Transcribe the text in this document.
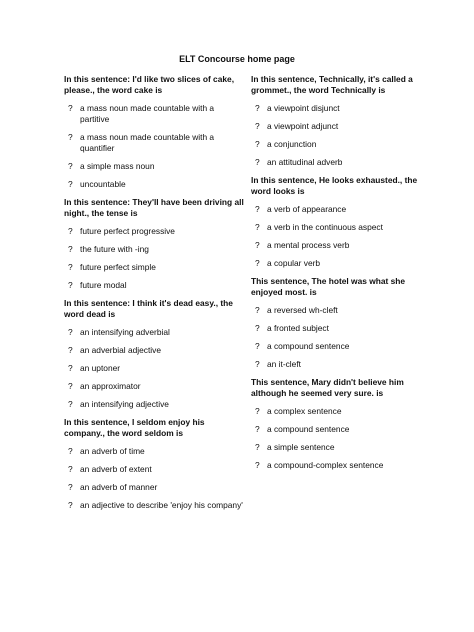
ELT Concourse home page
In this sentence: I'd like two slices of cake, please., the word cake is
? a mass noun made countable with a partitive
? a mass noun made countable with a quantifier
? a simple mass noun
? uncountable
In this sentence: They'll have been driving all night., the tense is
? future perfect progressive
? the future with -ing
? future perfect simple
? future modal
In this sentence: I think it's dead easy., the word dead is
? an intensifying adverbial
? an adverbial adjective
? an uptoner
? an approximator
? an intensifying adjective
In this sentence, I seldom enjoy his company., the word seldom is
? an adverb of time
? an adverb of extent
? an adverb of manner
? an adjective to describe 'enjoy his company'
In this sentence, Technically, it's called a grommet., the word Technically is
? a viewpoint disjunct
? a viewpoint adjunct
? a conjunction
? an attitudinal adverb
In this sentence, He looks exhausted., the word looks is
? a verb of appearance
? a verb in the continuous aspect
? a mental process verb
? a copular verb
This sentence, The hotel was what she enjoyed most. is
? a reversed wh-cleft
? a fronted subject
? a compound sentence
? an it-cleft
This sentence, Mary didn't believe him although he seemed very sure. is
? a complex sentence
? a compound sentence
? a simple sentence
? a compound-complex sentence
